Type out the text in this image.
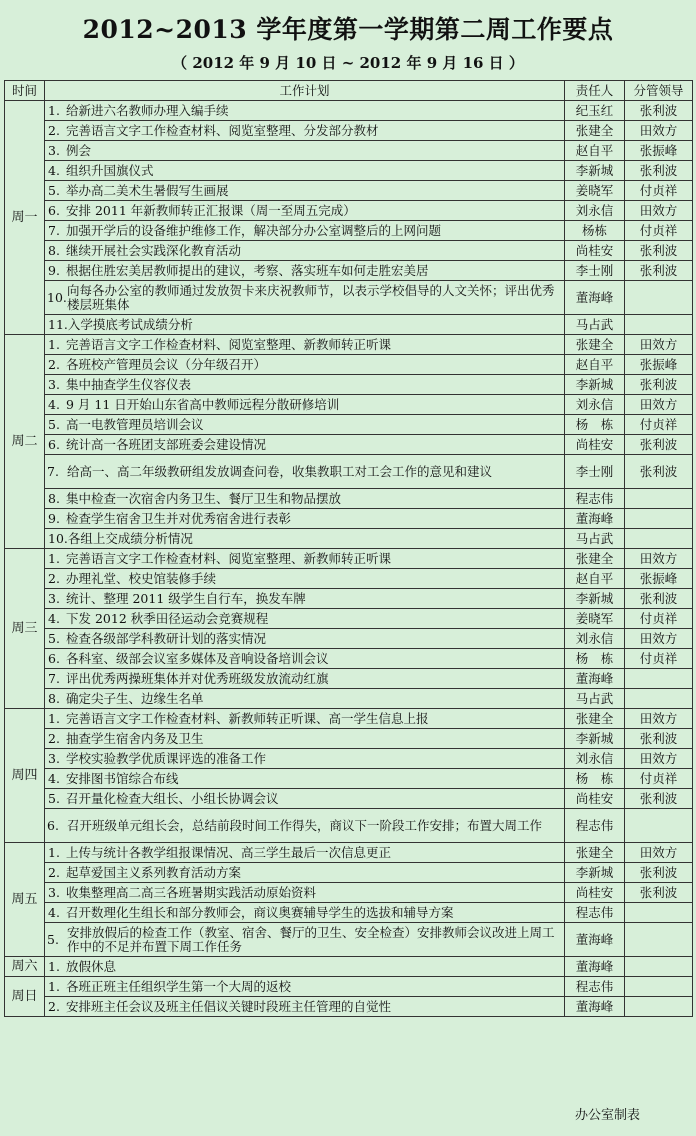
2012~2013 学年度第一学期第二周工作要点
（ 2012 年 9 月 10 日 ~ 2012 年 9 月 16 日 ）
时间	工作计划	责任人	分管领导
周一	1. 给新进六名教师办理入编手续	纪玉红	张利波

	2. 完善语言文字工作检查材料、阅览室整理、分发部分教材	张建全	田效方

	3. 例会	赵自平	张振峰

	4. 组织升国旗仪式	李新城	张利波

	5. 举办高二美术生暑假写生画展	姜晓军	付贞祥

	6. 安排 2011 年新教师转正汇报课（周一至周五完成）	刘永信	田效方

	7. 加强开学后的设备维护维修工作，解决部分办公室调整后的上网问题	杨栋	付贞祥

	8. 继续开展社会实践深化教育活动	尚桂安	张利波

	9. 根据住胜宏美居教师提出的建议，考察、落实班车如何走胜宏美居	李士刚	张利波

	10. 向每各办公室的教师通过发放贺卡来庆祝教师节，以表示学校倡导的人文关怀；评出优秀楼层班集体	董海峰	

	11.入学摸底考试成绩分析	马占武	
周二	1. 完善语言文字工作检查材料、阅览室整理、新教师转正听课	张建全	田效方

	2. 各班校产管理员会议（分年级召开）	赵自平	张振峰

	3. 集中抽查学生仪容仪表	李新城	张利波

	4. 9 月 11 日开始山东省高中教师远程分散研修培训	刘永信	田效方

	5. 高一电教管理员培训会议	杨　栋	付贞祥

	6. 统计高一各班团支部班委会建设情况	尚桂安	张利波

	7. 给高一、高二年级教研组发放调查问卷，收集教职工对工会工作的意见和建议	李士刚	张利波

	8. 集中检查一次宿舍内务卫生、餐厅卫生和物品摆放	程志伟	

	9. 检查学生宿舍卫生并对优秀宿舍进行表彰	董海峰	

	10.各组上交成绩分析情况	马占武	
周三	1. 完善语言文字工作检查材料、阅览室整理、新教师转正听课	张建全	田效方

	2. 办理礼堂、校史馆装修手续	赵自平	张振峰

	3. 统计、整理 2011 级学生自行车，换发车牌	李新城	张利波

	4. 下发 2012 秋季田径运动会竞赛规程	姜晓军	付贞祥

	5. 检查各级部学科教研计划的落实情况	刘永信	田效方

	6. 各科室、级部会议室多媒体及音响设备培训会议	杨　栋	付贞祥

	7. 评出优秀两操班集体并对优秀班级发放流动红旗	董海峰	

	8. 确定尖子生、边缘生名单	马占武	
周四	1. 完善语言文字工作检查材料、新教师转正听课、高一学生信息上报	张建全	田效方

	2. 抽查学生宿舍内务及卫生	李新城	张利波

	3. 学校实验教学优质课评选的准备工作	刘永信	田效方

	4. 安排图书馆综合布线	杨　栋	付贞祥

	5. 召开量化检查大组长、小组长协调会议	尚桂安	张利波

	6. 召开班级单元组长会，总结前段时间工作得失，商议下一阶段工作安排；布置大周工作	程志伟	
周五	1. 上传与统计各教学组报课情况、高三学生最后一次信息更正	张建全	田效方

	2. 起草爱国主义系列教育活动方案	李新城	张利波

	3. 收集整理高二高三各班暑期实践活动原始资料	尚桂安	张利波

	4. 召开数理化生组长和部分教师会，商议奥赛辅导学生的选拔和辅导方案	程志伟	

	5. 安排放假后的检查工作（教室、宿舍、餐厅的卫生、安全检查）安排教师会议改进上周工作中的不足并布置下周工作任务	董海峰	
周六	1. 放假休息	董海峰	
周日	1. 各班正班主任组织学生第一个大周的返校	程志伟	

	2. 安排班主任会议及班主任倡议关键时段班主任管理的自觉性	董海峰	
办公室制表
